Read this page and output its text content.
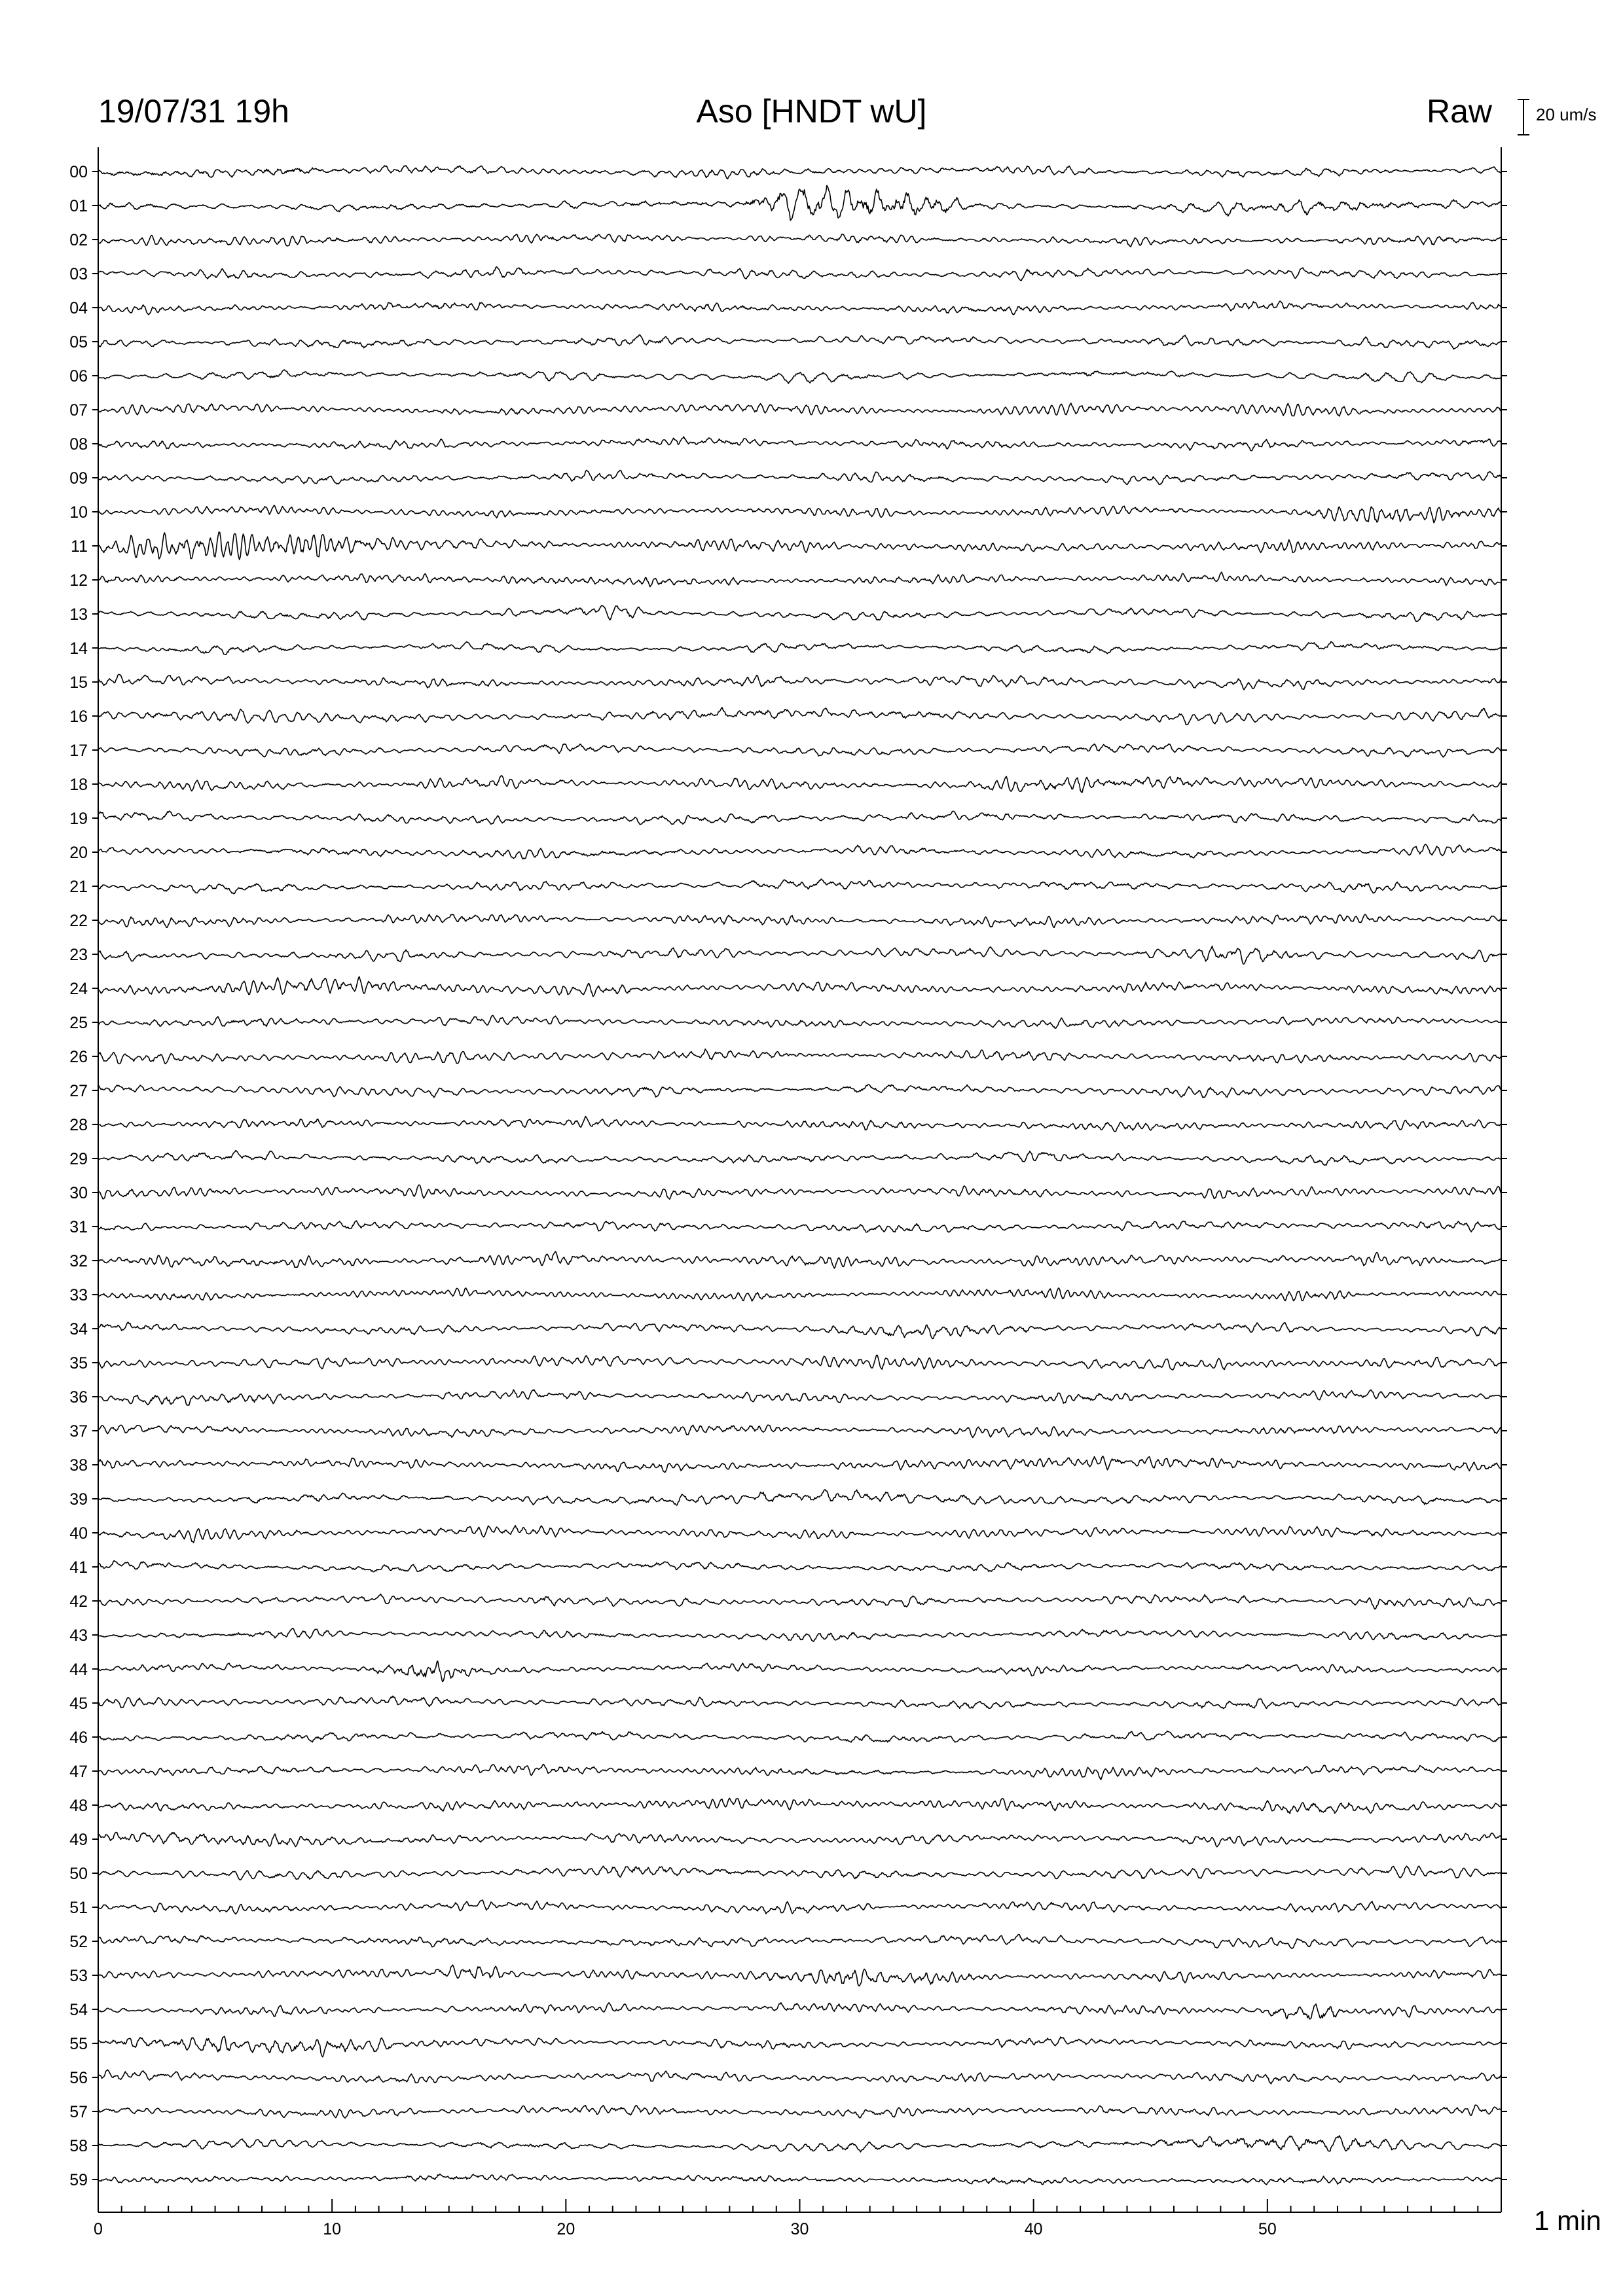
19/07/31 19h	Aso [HNDT wU]	Raw	20 um/s
1 min
00
01
02
03
04
05
06
07
08
09
10
11
12
13
14
15
16
17
18
19
20
21
22
23
24
25
26
27
28
29
30
31
32
33
34
35
36
37
38
39
40
41
42
43
44
45
46
47
48
49
50
51
52
53
54
55
56
57
58
59
0	10	20	30	40	50
